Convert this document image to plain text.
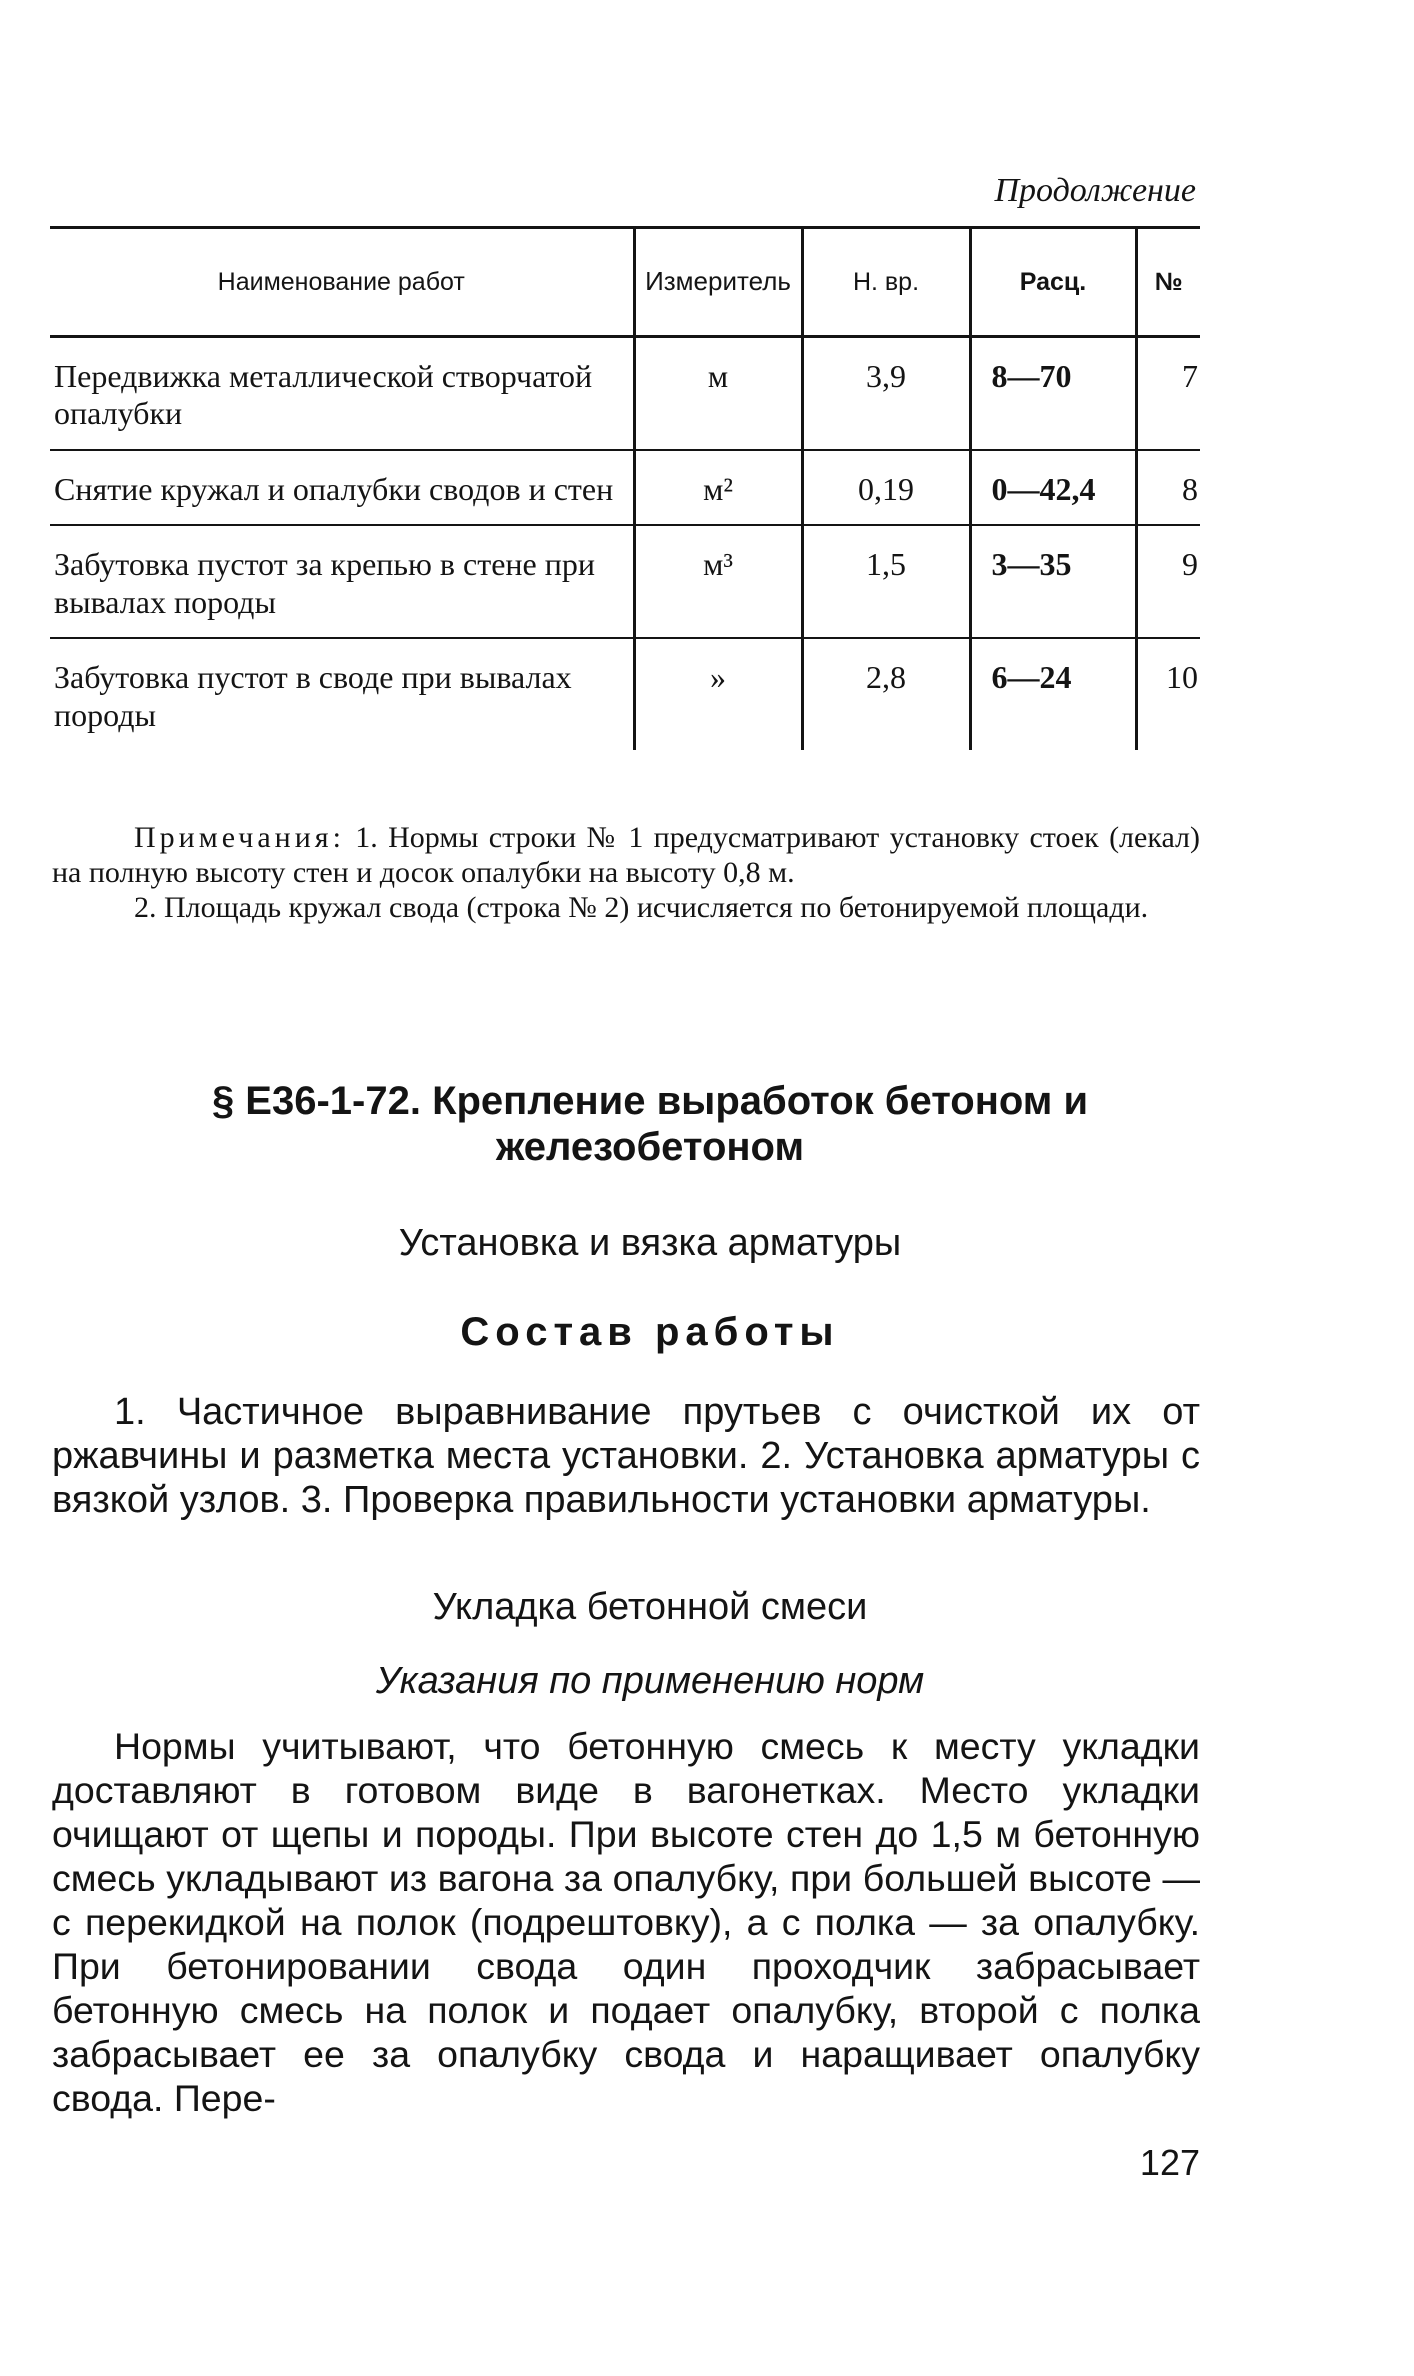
Продолжение
Наименование работ	Измеритель	Н. вр.	Расц.	№
Передвижка металлической створчатой опалубки	м	3,9	8—70	7
Снятие кружал и опалубки сводов и стен	м²	0,19	0—42,4	8
Забутовка пустот за крепью в стене при вывалах породы	м³	1,5	3—35	9
Забутовка пустот в своде при вывалах породы	»	2,8	6—24	10

Примечания: 1. Нормы строки № 1 предусматривают установку стоек (лекал) на полную высоту стен и досок опалубки на высоту 0,8 м.

2. Площадь кружал свода (строка № 2) исчисляется по бетонируемой площади.

§ Е36-1-72. Крепление выработок бетоном и железобетоном
Установка и вязка арматуры
Состав работы

1. Частичное выравнивание прутьев с очисткой их от ржавчины и разметка места установки. 2. Установка арматуры с вязкой узлов. 3. Проверка правильности установки арматуры.

Укладка бетонной смеси
Указания по применению норм

Нормы учитывают, что бетонную смесь к месту укладки доставляют в готовом виде в вагонетках. Место укладки очищают от щепы и породы. При высоте стен до 1,5 м бетонную смесь укладывают из вагона за опалубку, при большей высоте — с перекидкой на полок (подрештовку), а с полка — за опалубку. При бетонировании свода один проходчик забрасывает бетонную смесь на полок и подает опалубку, второй с полка забрасывает ее за опалубку свода и наращивает опалубку свода. Пере-

127
